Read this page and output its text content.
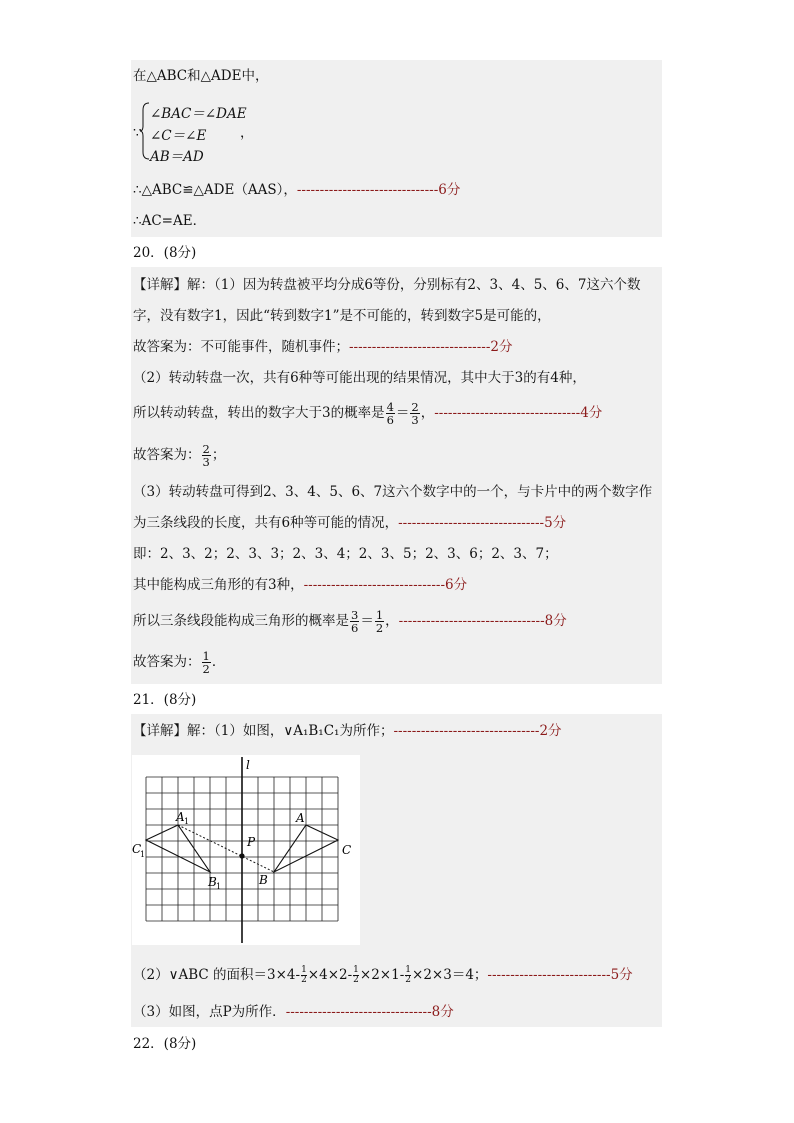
在△ABC和△ADE中，
∵
∠BAC＝∠DAE
∠C＝∠E ，
AB＝AD
∴△ABC≌△ADE（AAS），-------------------------------6分
∴AC=AE．
20．(8分)
【详解】解：（1）因为转盘被平均分成6等份，分别标有2、3、4、5、6、7这六个数
字，没有数字1，因此“转到数字1”是不可能的，转到数字5是可能的，
故答案为：不可能事件，随机事件；-------------------------------2分
（2）转动转盘一次，共有6种等可能出现的结果情况，其中大于3的有4种，
所以转动转盘，转出的数字大于3的概率是 $\frac{4}{6} = \frac{2}{3}$ ，--------------------------------4分
故答案为： $\frac{2}{3}$ ；
（3）转动转盘可得到2、3、4、5、6、7这六个数字中的一个，与卡片中的两个数字作
为三条线段的长度，共有6种等可能的情况，--------------------------------5分
即：2、3、2；2、3、3；2、3、4；2、3、5；2、3、6；2、3、7；
其中能构成三角形的有3种，-------------------------------6分
所以三条线段能构成三角形的概率是 $\frac{3}{6} = \frac{1}{2}$ ，--------------------------------8分
故答案为： $\frac{1}{2}$ ．
21．(8分)
【详解】解：（1）如图，∨A₁B₁C₁为所作；--------------------------------2分
l
A 1	A
C
1
P
C
B 1	B
（2）∨ABC 的面积$=3\times 4- \frac{1}{2} \times 4\times 2- \frac{1}{2} \times 2\times 1- \frac{1}{2} \times 2\times 3=4$；---------------------------5分
（3）如图，点P为所作．--------------------------------8分
22．(8分)
